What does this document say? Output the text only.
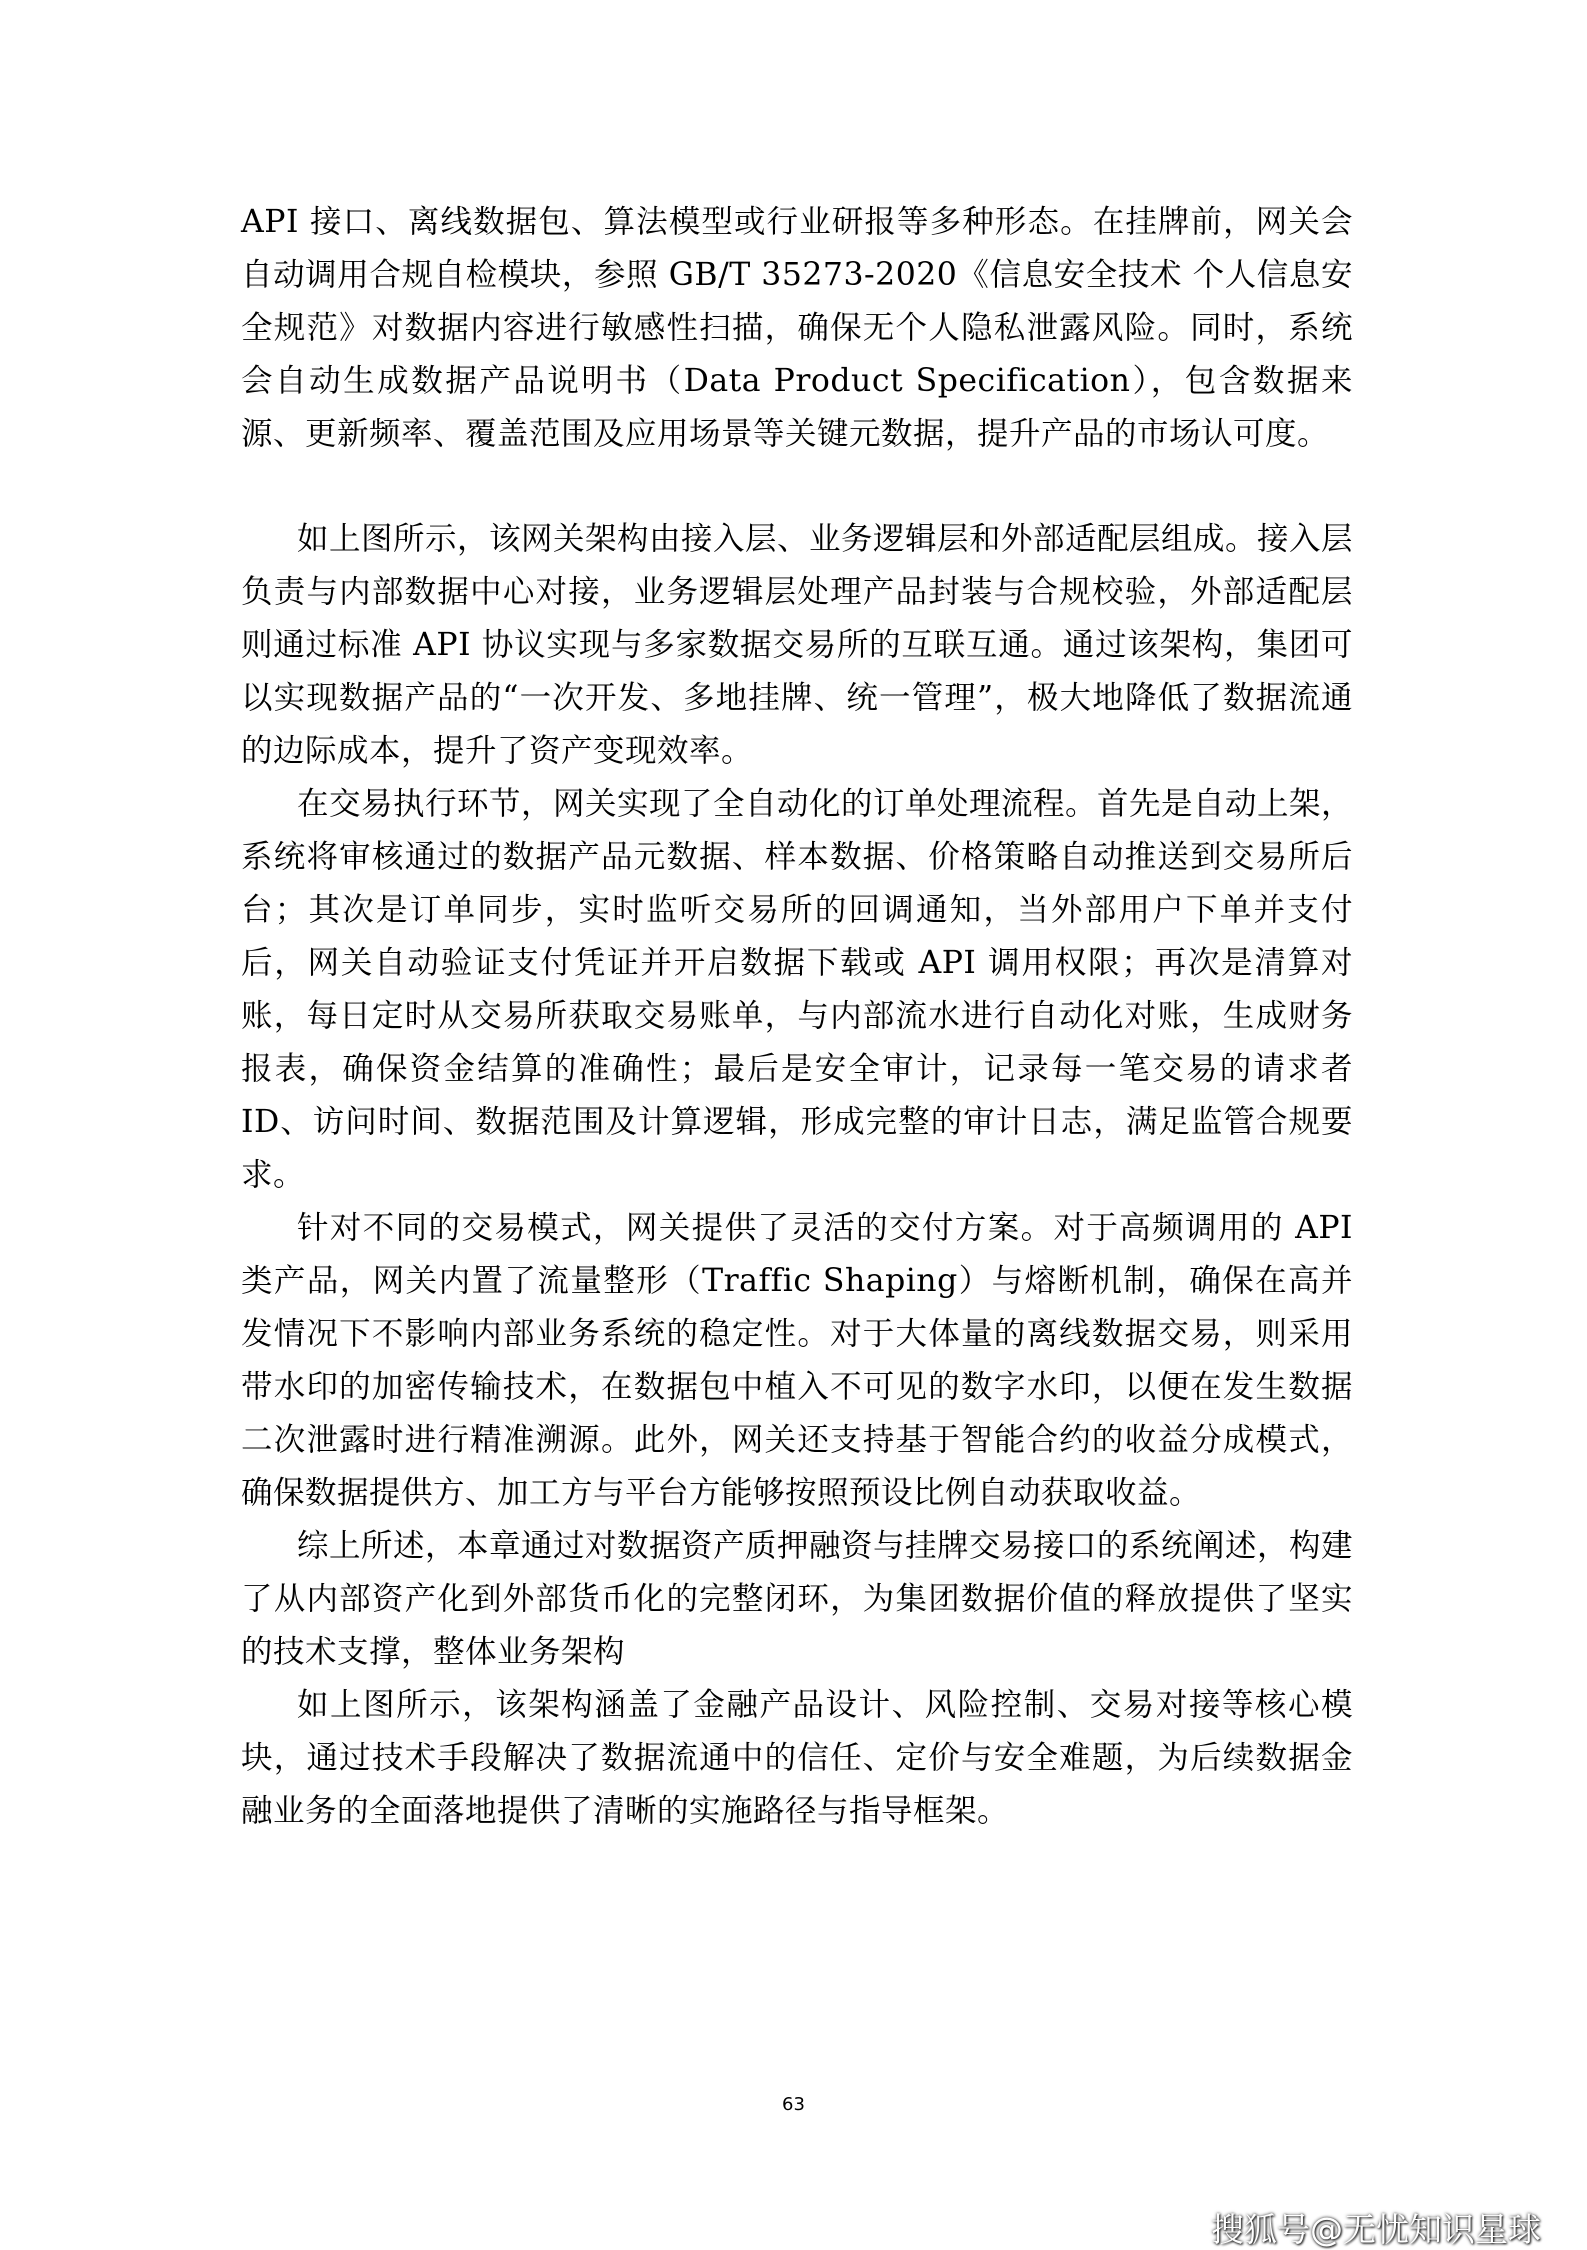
API 接口、离线数据包、算法模型或行业研报等多种形态。在挂牌前，网关会自动调用合规自检模块，参照 GB/T 35273-2020《信息安全技术 个人信息安全规范》对数据内容进行敏感性扫描，确保无个人隐私泄露风险。同时，系统会自动生成数据产品说明书（Data Product Specification），包含数据来源、更新频率、覆盖范围及应用场景等关键元数据，提升产品的市场认可度。

如上图所示，该网关架构由接入层、业务逻辑层和外部适配层组成。接入层负责与内部数据中心对接，业务逻辑层处理产品封装与合规校验，外部适配层则通过标准 API 协议实现与多家数据交易所的互联互通。通过该架构，集团可以实现数据产品的“一次开发、多地挂牌、统一管理”，极大地降低了数据流通的边际成本，提升了资产变现效率。

在交易执行环节，网关实现了全自动化的订单处理流程。首先是自动上架，系统将审核通过的数据产品元数据、样本数据、价格策略自动推送到交易所后台；其次是订单同步，实时监听交易所的回调通知，当外部用户下单并支付后，网关自动验证支付凭证并开启数据下载或 API 调用权限；再次是清算对账，每日定时从交易所获取交易账单，与内部流水进行自动化对账，生成财务报表，确保资金结算的准确性；最后是安全审计，记录每一笔交易的请求者 ID、访问时间、数据范围及计算逻辑，形成完整的审计日志，满足监管合规要求。

针对不同的交易模式，网关提供了灵活的交付方案。对于高频调用的 API 类产品，网关内置了流量整形（Traffic Shaping）与熔断机制，确保在高并发情况下不影响内部业务系统的稳定性。对于大体量的离线数据交易，则采用带水印的加密传输技术，在数据包中植入不可见的数字水印，以便在发生数据二次泄露时进行精准溯源。此外，网关还支持基于智能合约的收益分成模式，确保数据提供方、加工方与平台方能够按照预设比例自动获取收益。

综上所述，本章通过对数据资产质押融资与挂牌交易接口的系统阐述，构建了从内部资产化到外部货币化的完整闭环，为集团数据价值的释放提供了坚实的技术支撑，整体业务架构

如上图所示，该架构涵盖了金融产品设计、风险控制、交易对接等核心模块，通过技术手段解决了数据流通中的信任、定价与安全难题，为后续数据金融业务的全面落地提供了清晰的实施路径与指导框架。

63
搜狐号@无忧知识星球
